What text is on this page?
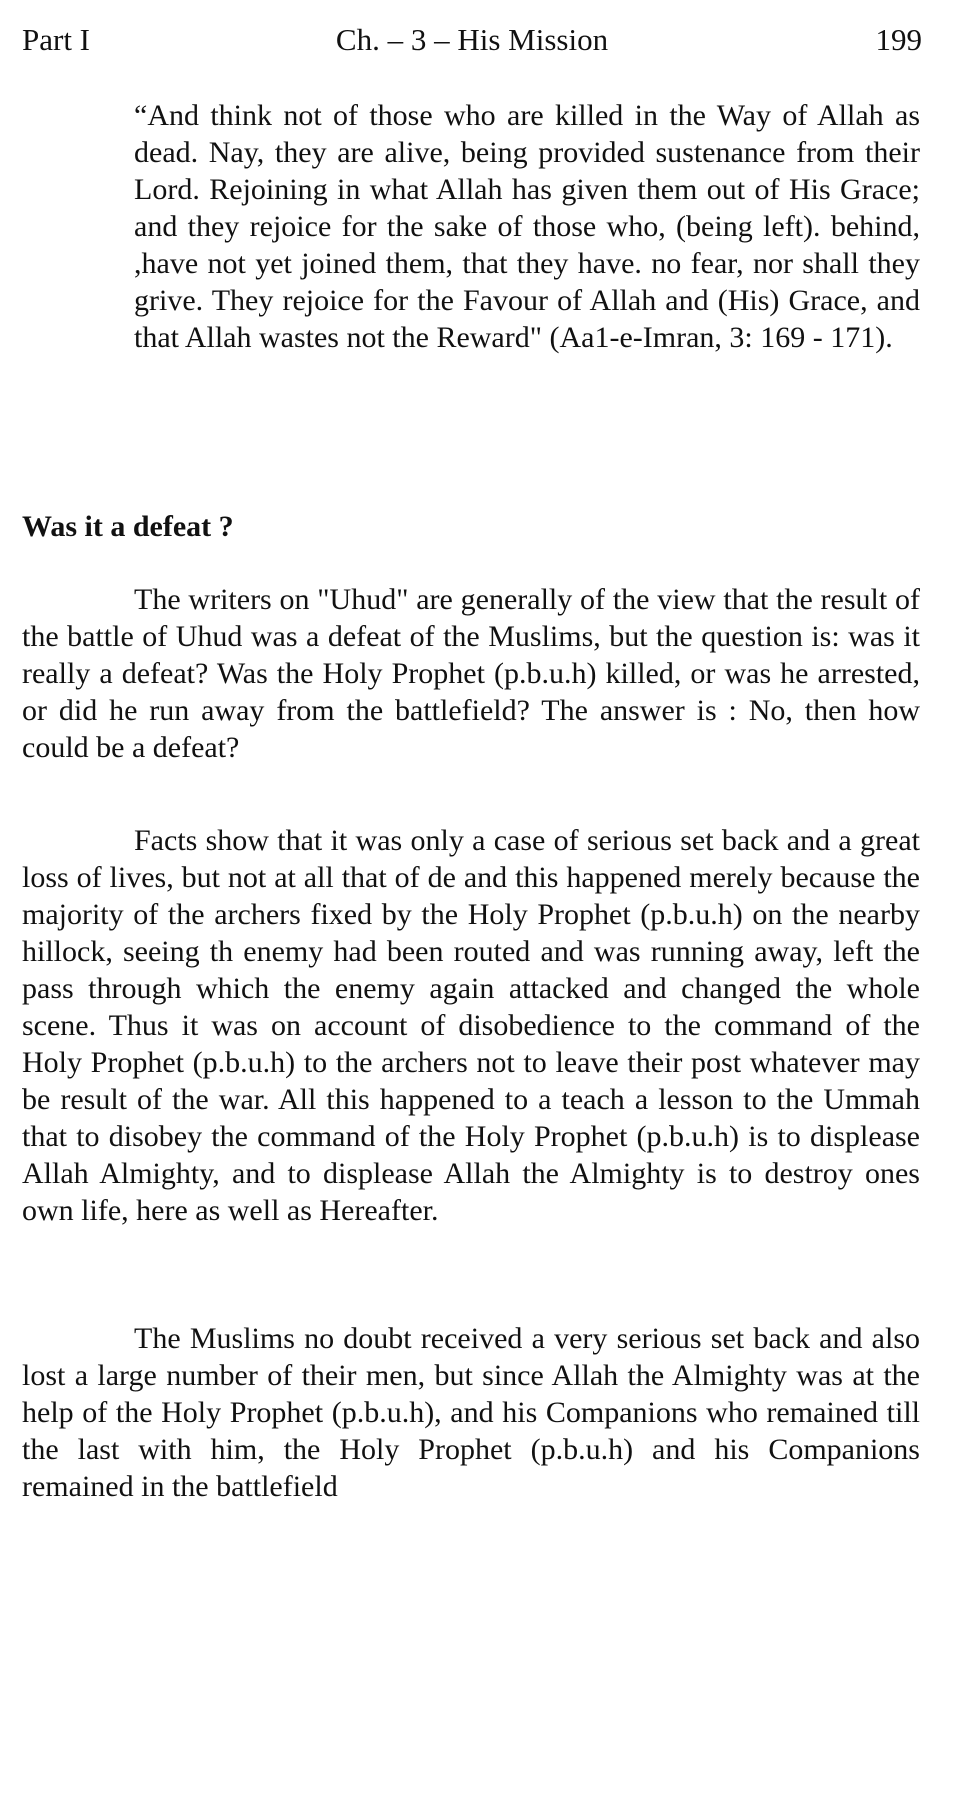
Part I	Ch. – 3 – His Mission	199

“And think not of those who are killed in the Way of Allah as dead. Nay, they are alive, being provided sustenance from their Lord. Rejoining in what Allah has given them out of His Grace; and they rejoice for the sake of those who, (being left). behind, ,have not yet joined them, that they have. no fear, nor shall they grive. They rejoice for the Favour of Allah and (His) Grace, and that Allah wastes not the Reward" (Aa1-e-Imran, 3: 169 - 171).

Was it a defeat ?

The writers on "Uhud" are generally of the view that the result of the battle of Uhud was a defeat of the Muslims, but the question is: was it really a defeat? Was the Holy Prophet (p.b.u.h) killed, or was he arrested, or did he run away from the battlefield? The answer is : No, then how could be a defeat?

Facts show that it was only a case of serious set back and a great loss of lives, but not at all that of de and this happened merely because the majority of the archers fixed by the Holy Prophet (p.b.u.h) on the nearby hillock, seeing th enemy had been routed and was running away, left the pass through which the enemy again attacked and changed the whole scene. Thus it was on account of disobedience to the command of the Holy Prophet (p.b.u.h) to the archers not to leave their post whatever may be result of the war. All this happened to a teach a lesson to the Ummah that to disobey the command of the Holy Prophet (p.b.u.h) is to displease Allah Almighty, and to displease Allah the Almighty is to destroy ones own life, here as well as Hereafter.

The Muslims no doubt received a very serious set back and also lost a large number of their men, but since Allah the Almighty was at the help of the Holy Prophet (p.b.u.h), and his Companions who remained till the last with him, the Holy Prophet (p.b.u.h) and his Companions remained in the battlefield
